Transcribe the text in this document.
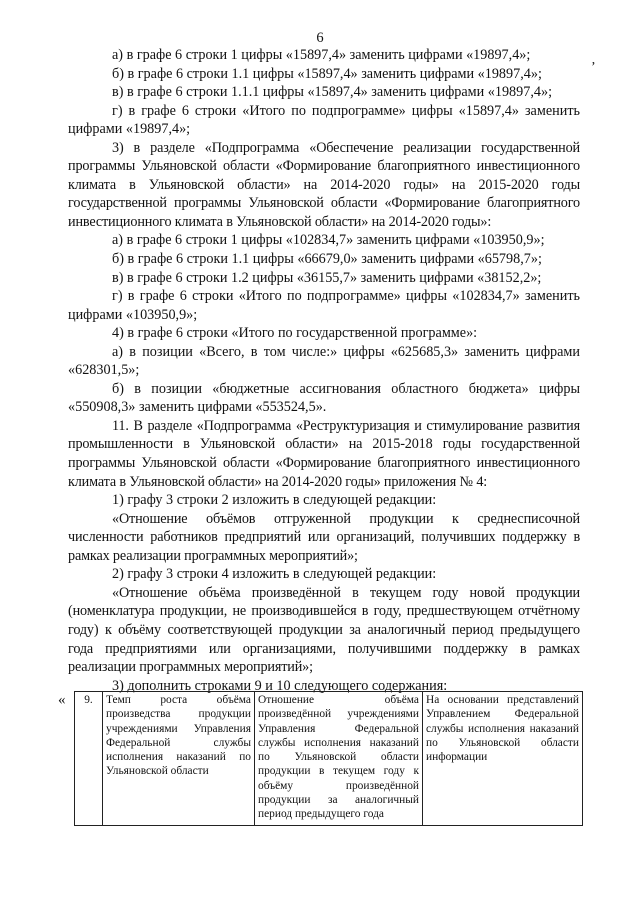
6
’

а) в графе 6 строки 1 цифры «15897,4» заменить цифрами «19897,4»;

б) в графе 6 строки 1.1 цифры «15897,4» заменить цифрами «19897,4»;

в) в графе 6 строки 1.1.1 цифры «15897,4» заменить цифрами «19897,4»;

г) в графе 6 строки «Итого по подпрограмме» цифры «15897,4» заменить цифрами «19897,4»;

3) в разделе «Подпрограмма «Обеспечение реализации государственной программы Ульяновской области «Формирование благоприятного инвестиционного климата в Ульяновской области» на 2014-2020 годы» на 2015-2020 годы государственной программы Ульяновской области «Формирование благоприятного инвестиционного климата в Ульяновской области» на 2014-2020 годы»:

а) в графе 6 строки 1 цифры «102834,7» заменить цифрами «103950,9»;

б) в графе 6 строки 1.1 цифры «66679,0» заменить цифрами «65798,7»;

в) в графе 6 строки 1.2 цифры «36155,7» заменить цифрами «38152,2»;

г) в графе 6 строки «Итого по подпрограмме» цифры «102834,7» заменить цифрами «103950,9»;

4) в графе 6 строки «Итого по государственной программе»:

а) в позиции «Всего, в том числе:» цифры «625685,3» заменить цифрами «628301,5»;

б) в позиции «бюджетные ассигнования областного бюджета» цифры «550908,3» заменить цифрами «553524,5».

11. В разделе «Подпрограмма «Реструктуризация и стимулирование развития промышленности в Ульяновской области» на 2015-2018 годы государственной программы Ульяновской области «Формирование благоприятного инвестиционного климата в Ульяновской области» на 2014-2020 годы» приложения № 4:

1) графу 3 строки 2 изложить в следующей редакции:

«Отношение объёмов отгруженной продукции к среднесписочной численности работников предприятий или организаций, получивших поддержку в рамках реализации программных мероприятий»;

2) графу 3 строки 4 изложить в следующей редакции:

«Отношение объёма произведённой в текущем году новой продукции (номенклатура продукции, не производившейся в году, предшествующем отчётному году) к объёму соответствующей продукции за аналогичный период предыдущего года предприятиями или организациями, получившими поддержку в рамках реализации программных мероприятий»;

3) дополнить строками 9 и 10 следующего содержания:

« 9.	Темп роста объёма произведства продукции учреждениями Управления Федеральной службы исполнения наказаний по Ульяновской области	Отношение объёма произведённой учреждениями Управления Федеральной службы исполнения наказаний по Ульяновской области продукции в текущем году к объёму произведённой продукции за аналогичный период предыдущего года	На основании представлений Управлением Федеральной службы исполнения наказаний по Ульяновской области информации
